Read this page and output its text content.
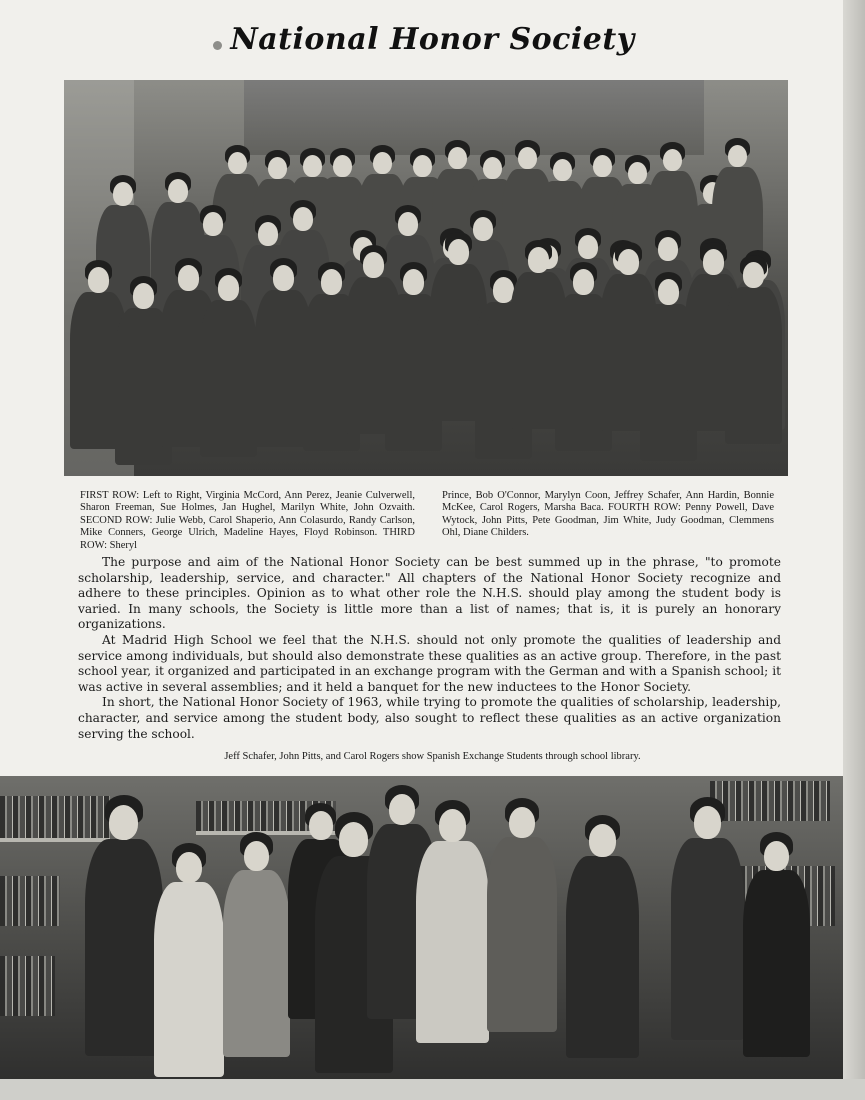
National Honor Society
FIRST ROW: Left to Right, Virginia McCord, Ann Perez, Jeanie Culverwell, Sharon Freeman, Sue Holmes, Jan Hughel, Marilyn White, John Ozvaith. SECOND ROW: Julie Webb, Carol Shaperio, Ann Colasurdo, Randy Carlson, Mike Conners, George Ulrich, Madeline Hayes, Floyd Robinson. THIRD ROW: Sheryl
Prince, Bob O'Connor, Marylyn Coon, Jeffrey Schafer, Ann Hardin, Bonnie McKee, Carol Rogers, Marsha Baca. FOURTH ROW: Penny Powell, Dave Wytock, John Pitts, Pete Goodman, Jim White, Judy Goodman, Clemmens Ohl, Diane Childers.

The purpose and aim of the National Honor Society can be best summed up in the phrase, "to promote scholarship, leadership, service, and character." All chapters of the National Honor Society recognize and adhere to these principles. Opinion as to what other role the N.H.S. should play among the student body is varied. In many schools, the Society is little more than a list of names; that is, it is purely an honorary organizations.

At Madrid High School we feel that the N.H.S. should not only promote the qualities of leadership and service among individuals, but should also demonstrate these qualities as an active group. Therefore, in the past school year, it organized and participated in an exchange program with the German and with a Spanish school; it was active in several assemblies; and it held a banquet for the new inductees to the Honor Society.

In short, the National Honor Society of 1963, while trying to promote the qualities of scholarship, leadership, character, and service among the student body, also sought to reflect these qualities as an active organization serving the school.

Jeff Schafer, John Pitts, and Carol Rogers show Spanish Exchange Students through school library.
